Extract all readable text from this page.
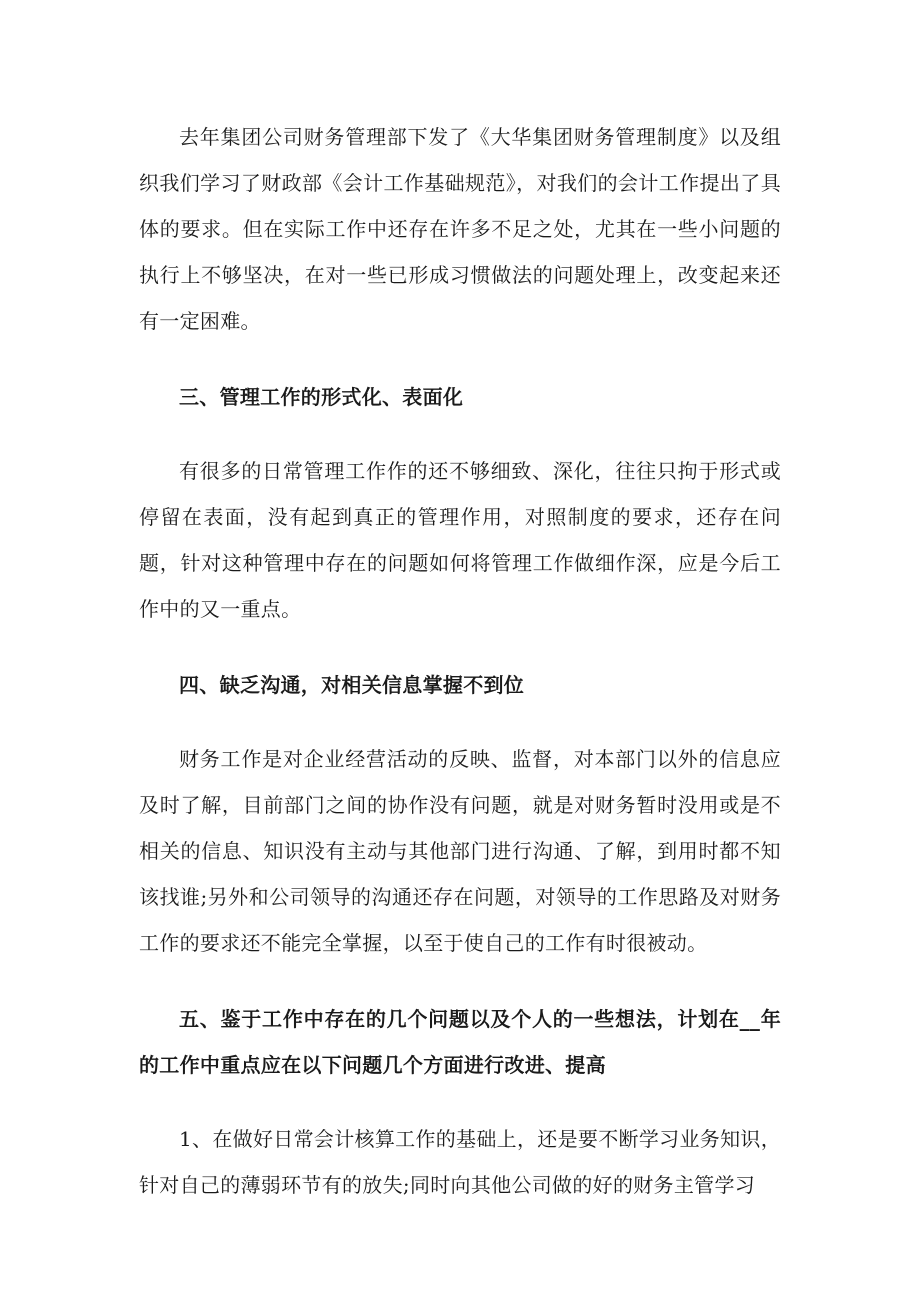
去年集团公司财务管理部下发了《大华集团财务管理制度》以及组织我们学习了财政部《会计工作基础规范》，对我们的会计工作提出了具体的要求。但在实际工作中还存在许多不足之处，尤其在一些小问题的执行上不够坚决，在对一些已形成习惯做法的问题处理上，改变起来还有一定困难。

三、管理工作的形式化、表面化

有很多的日常管理工作作的还不够细致、深化，往往只拘于形式或停留在表面，没有起到真正的管理作用，对照制度的要求，还存在问题，针对这种管理中存在的问题如何将管理工作做细作深，应是今后工作中的又一重点。

四、缺乏沟通，对相关信息掌握不到位

财务工作是对企业经营活动的反映、监督，对本部门以外的信息应及时了解，目前部门之间的协作没有问题，就是对财务暂时没用或是不相关的信息、知识没有主动与其他部门进行沟通、了解，到用时都不知该找谁;另外和公司领导的沟通还存在问题，对领导的工作思路及对财务工作的要求还不能完全掌握，以至于使自己的工作有时很被动。

五、鉴于工作中存在的几个问题以及个人的一些想法，计划在__年的工作中重点应在以下问题几个方面进行改进、提高

1、在做好日常会计核算工作的基础上，还是要不断学习业务知识，针对自己的薄弱环节有的放失;同时向其他公司做的好的财务主管学习
